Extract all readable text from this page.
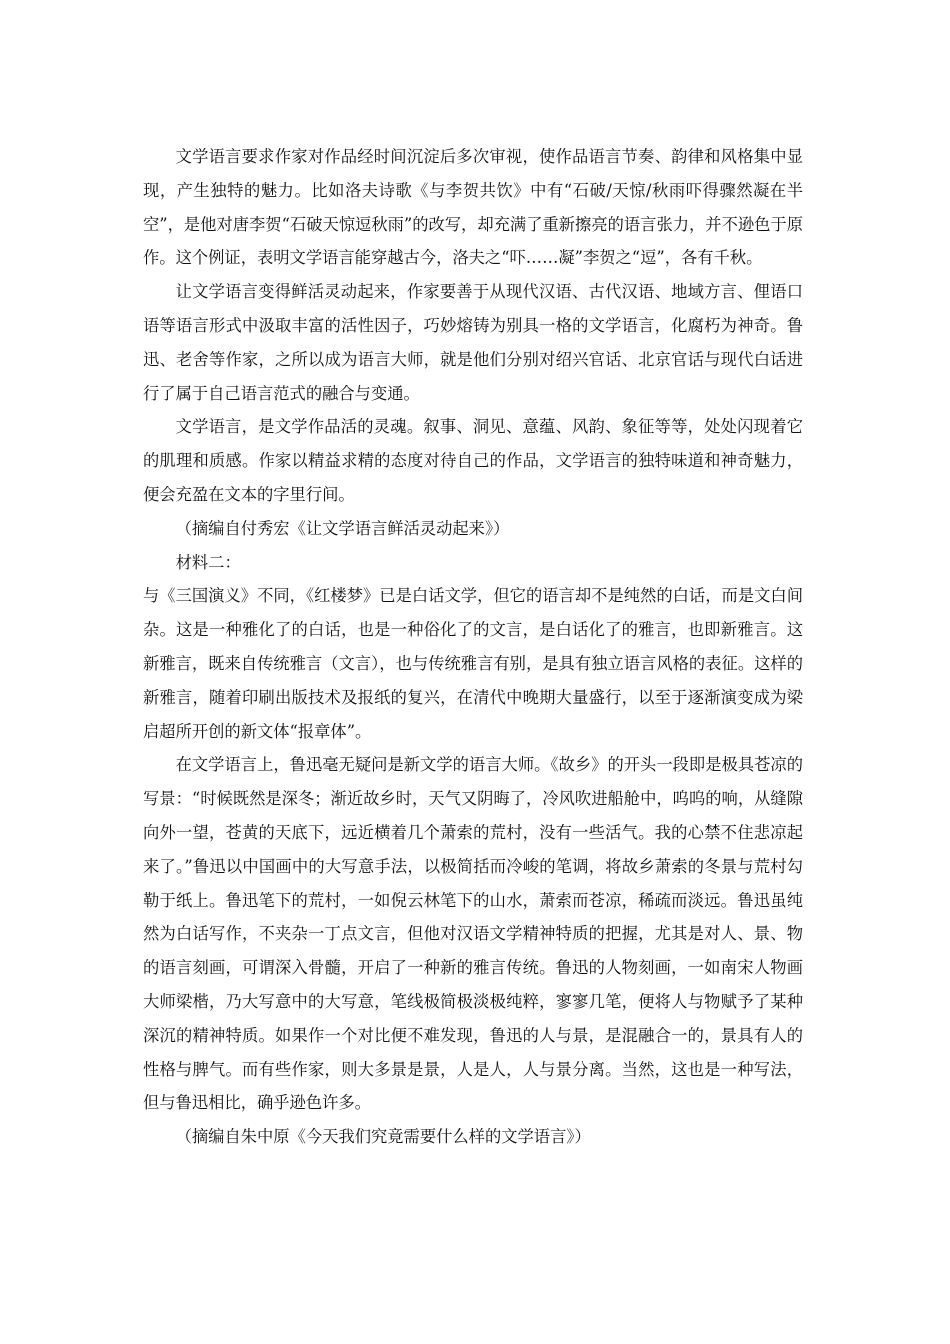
文学语言要求作家对作品经时间沉淀后多次审视，使作品语言节奏、韵律和风格集中显现，产生独特的魅力。比如洛夫诗歌《与李贺共饮》中有“石破/天惊/秋雨吓得骤然凝在半空”，是他对唐李贺“石破天惊逗秋雨”的改写，却充满了重新擦亮的语言张力，并不逊色于原作。这个例证，表明文学语言能穿越古今，洛夫之“吓……凝”李贺之“逗”，各有千秋。

让文学语言变得鲜活灵动起来，作家要善于从现代汉语、古代汉语、地域方言、俚语口语等语言形式中汲取丰富的活性因子，巧妙熔铸为别具一格的文学语言，化腐朽为神奇。鲁迅、老舍等作家，之所以成为语言大师，就是他们分别对绍兴官话、北京官话与现代白话进行了属于自己语言范式的融合与变通。

文学语言，是文学作品活的灵魂。叙事、洞见、意蕴、风韵、象征等等，处处闪现着它的肌理和质感。作家以精益求精的态度对待自己的作品，文学语言的独特味道和神奇魅力，便会充盈在文本的字里行间。

（摘编自付秀宏《让文学语言鲜活灵动起来》）

材料二：

与《三国演义》不同，《红楼梦》已是白话文学，但它的语言却不是纯然的白话，而是文白间杂。这是一种雅化了的白话，也是一种俗化了的文言，是白话化了的雅言，也即新雅言。这新雅言，既来自传统雅言（文言），也与传统雅言有别，是具有独立语言风格的表征。这样的新雅言，随着印刷出版技术及报纸的复兴，在清代中晚期大量盛行，以至于逐渐演变成为梁启超所开创的新文体“报章体”。

在文学语言上，鲁迅毫无疑问是新文学的语言大师。《故乡》的开头一段即是极具苍凉的写景：“时候既然是深冬；渐近故乡时，天气又阴晦了，冷风吹进船舱中，呜呜的响，从缝隙向外一望，苍黄的天底下，远近横着几个萧索的荒村，没有一些活气。我的心禁不住悲凉起来了。”鲁迅以中国画中的大写意手法，以极简括而冷峻的笔调，将故乡萧索的冬景与荒村勾勒于纸上。鲁迅笔下的荒村，一如倪云林笔下的山水，萧索而苍凉，稀疏而淡远。鲁迅虽纯然为白话写作，不夹杂一丁点文言，但他对汉语文学精神特质的把握，尤其是对人、景、物的语言刻画，可谓深入骨髓，开启了一种新的雅言传统。鲁迅的人物刻画，一如南宋人物画大师梁楷，乃大写意中的大写意，笔线极简极淡极纯粹，寥寥几笔，便将人与物赋予了某种深沉的精神特质。如果作一个对比便不难发现，鲁迅的人与景，是混融合一的，景具有人的性格与脾气。而有些作家，则大多景是景，人是人，人与景分离。当然，这也是一种写法，但与鲁迅相比，确乎逊色许多。

（摘编自朱中原《今天我们究竟需要什么样的文学语言》）
